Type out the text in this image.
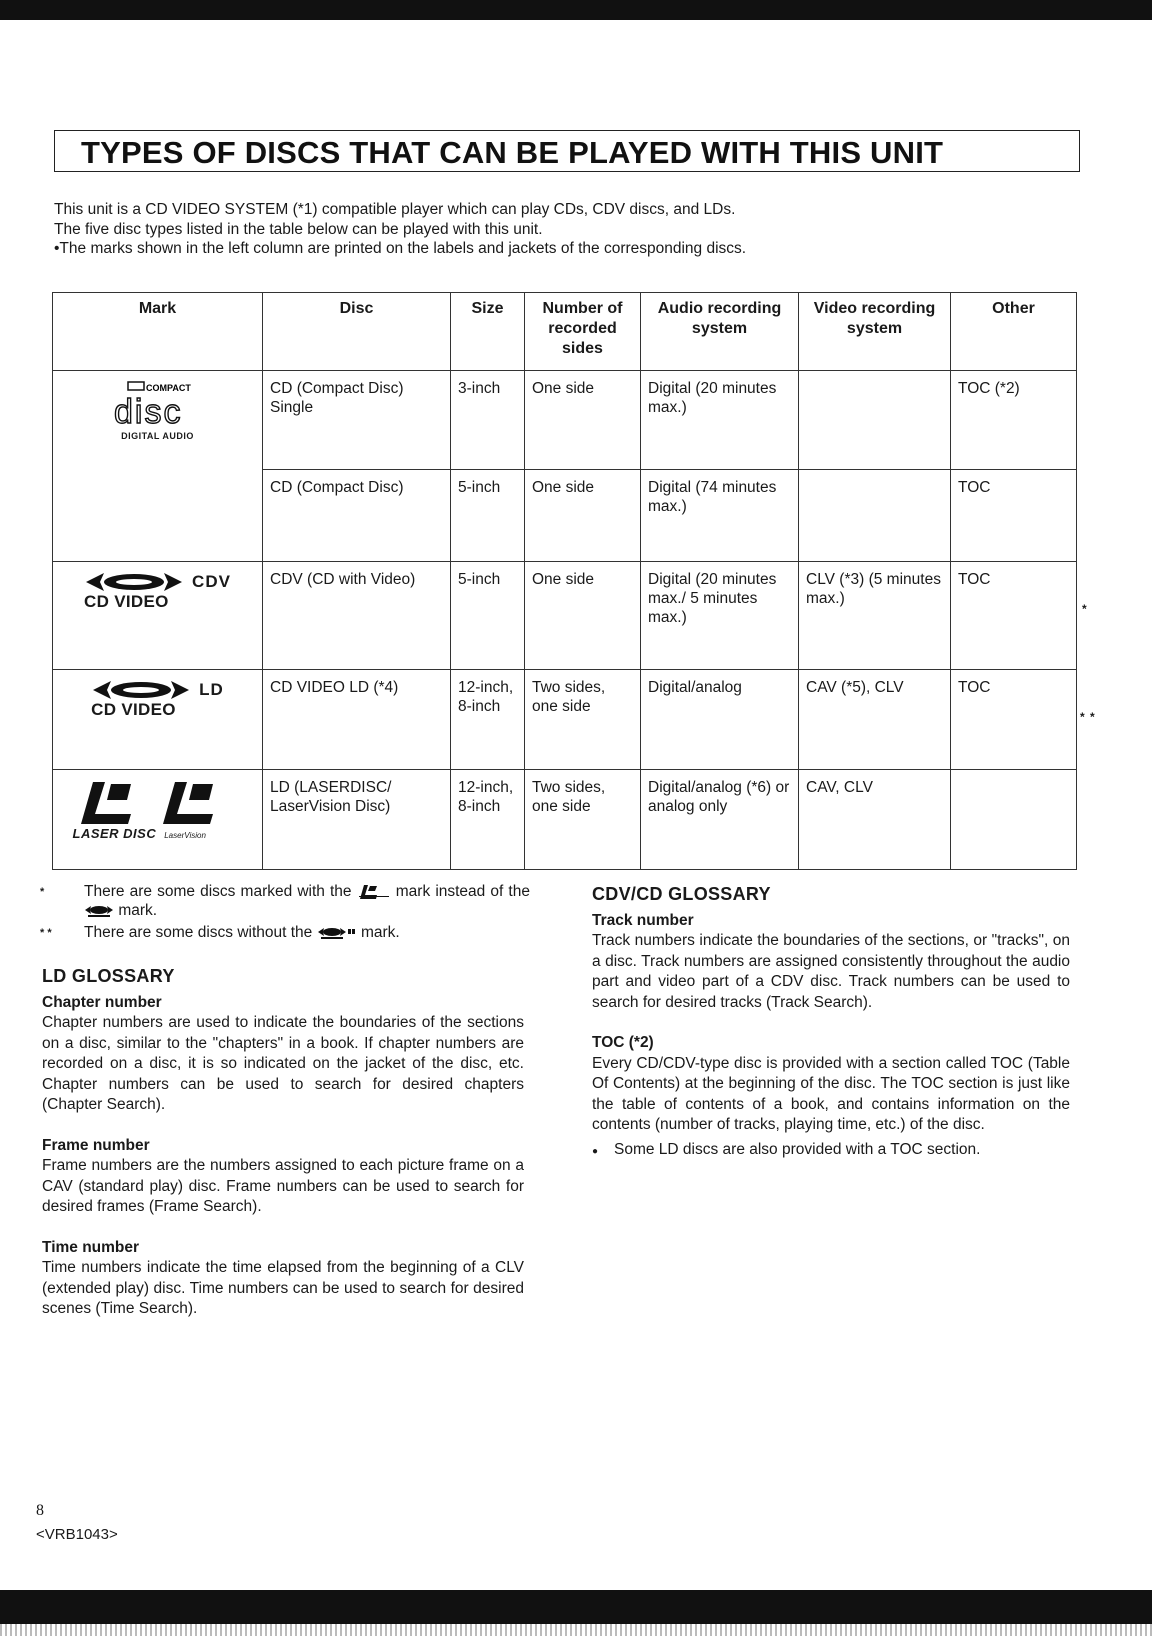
TYPES OF DISCS THAT CAN BE PLAYED WITH THIS UNIT

This unit is a CD VIDEO SYSTEM (*1) compatible player which can play CDs, CDV discs, and LDs.

The five disc types listed in the table below can be played with this unit.

•The marks shown in the left column are printed on the labels and jackets of the corresponding discs.

Mark	Disc	Size	Number of recorded sides	Audio recording system	Video recording system	Other

COMPACT
disc
DIGITAL AUDIO	CD (Compact Disc) Single	3-inch	One side	Digital (20 minutes max.)		TOC (*2)
	CD (Compact Disc)	5-inch	One side	Digital (74 minutes max.)		TOC

CDV
CD VIDEO	CDV (CD with Video)	5-inch	One side	Digital (20 minutes max./ 5 minutes max.)	CLV (*3) (5 minutes max.)	TOC

LD
CD VIDEO	CD VIDEO LD (*4)	12-inch, 8-inch	Two sides, one side	Digital/analog	CAV (*5), CLV	TOC

LASER DISC LaserVision	LD (LASERDISC/ LaserVision Disc)	12-inch, 8-inch	Two sides, one side	Digital/analog (*6) or analog only	CAV, CLV	
*
* *
*	There are some discs marked with the	mark instead of the  mark.
* *	There are some discs without the	mark.
LD GLOSSARY
Chapter number

Chapter numbers are used to indicate the boundaries of the sections on a disc, similar to the "chapters" in a book. If chapter numbers are recorded on a disc, it is so indicated on the jacket of the disc, etc. Chapter numbers can be used to search for desired chapters (Chapter Search).

Frame number

Frame numbers are the numbers assigned to each picture frame on a CAV (standard play) disc. Frame numbers can be used to search for desired frames (Frame Search).

Time number

Time numbers indicate the time elapsed from the beginning of a CLV (extended play) disc. Time numbers can be used to search for desired scenes (Time Search).

CDV/CD GLOSSARY
Track number

Track numbers indicate the boundaries of the sections, or "tracks", on a disc. Track numbers are assigned consistently throughout the audio part and video part of a CDV disc. Track numbers can be used to search for desired tracks (Track Search).

TOC (*2)

Every CD/CDV-type disc is provided with a section called TOC (Table Of Contents) at the beginning of the disc. The TOC section is just like the table of contents of a book, and contains information on the contents (number of tracks, playing time, etc.) of the disc.

●	Some LD discs are also provided with a TOC section.
8
<VRB1043>
